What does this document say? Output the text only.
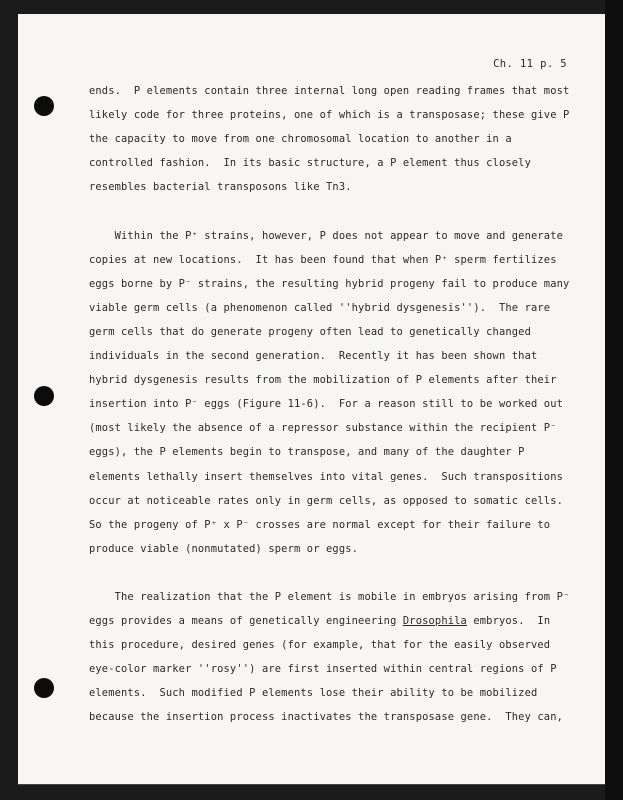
Ch. 11 p. 5

ends.  P elements contain three internal long open reading frames that most

likely code for three proteins, one of which is a transposase; these give P

the capacity to move from one chromosomal location to another in a

controlled fashion.  In its basic structure, a P element thus closely

resembles bacterial transposons like Tn3.

Within the P⁺ strains, however, P does not appear to move and generate

copies at new locations.  It has been found that when P⁺ sperm fertilizes

eggs borne by P⁻ strains, the resulting hybrid progeny fail to produce many

viable germ cells (a phenomenon called ''hybrid dysgenesis'').  The rare

germ cells that do generate progeny often lead to genetically changed

individuals in the second generation.  Recently it has been shown that

hybrid dysgenesis results from the mobilization of P elements after their

insertion into P⁻ eggs (Figure 11-6).  For a reason still to be worked out

(most likely the absence of a repressor substance within the recipient P⁻

eggs), the P elements begin to transpose, and many of the daughter P

elements lethally insert themselves into vital genes.  Such transpositions

occur at noticeable rates only in germ cells, as opposed to somatic cells.

So the progeny of P⁺ x P⁻ crosses are normal except for their failure to

produce viable (nonmutated) sperm or eggs.

The realization that the P element is mobile in embryos arising from P⁻

eggs provides a means of genetically engineering Drosophila embryos.  In

this procedure, desired genes (for example, that for the easily observed

eye-color marker ''rosy'') are first inserted within central regions of P

elements.  Such modified P elements lose their ability to be mobilized

because the insertion process inactivates the transposase gene.  They can,
